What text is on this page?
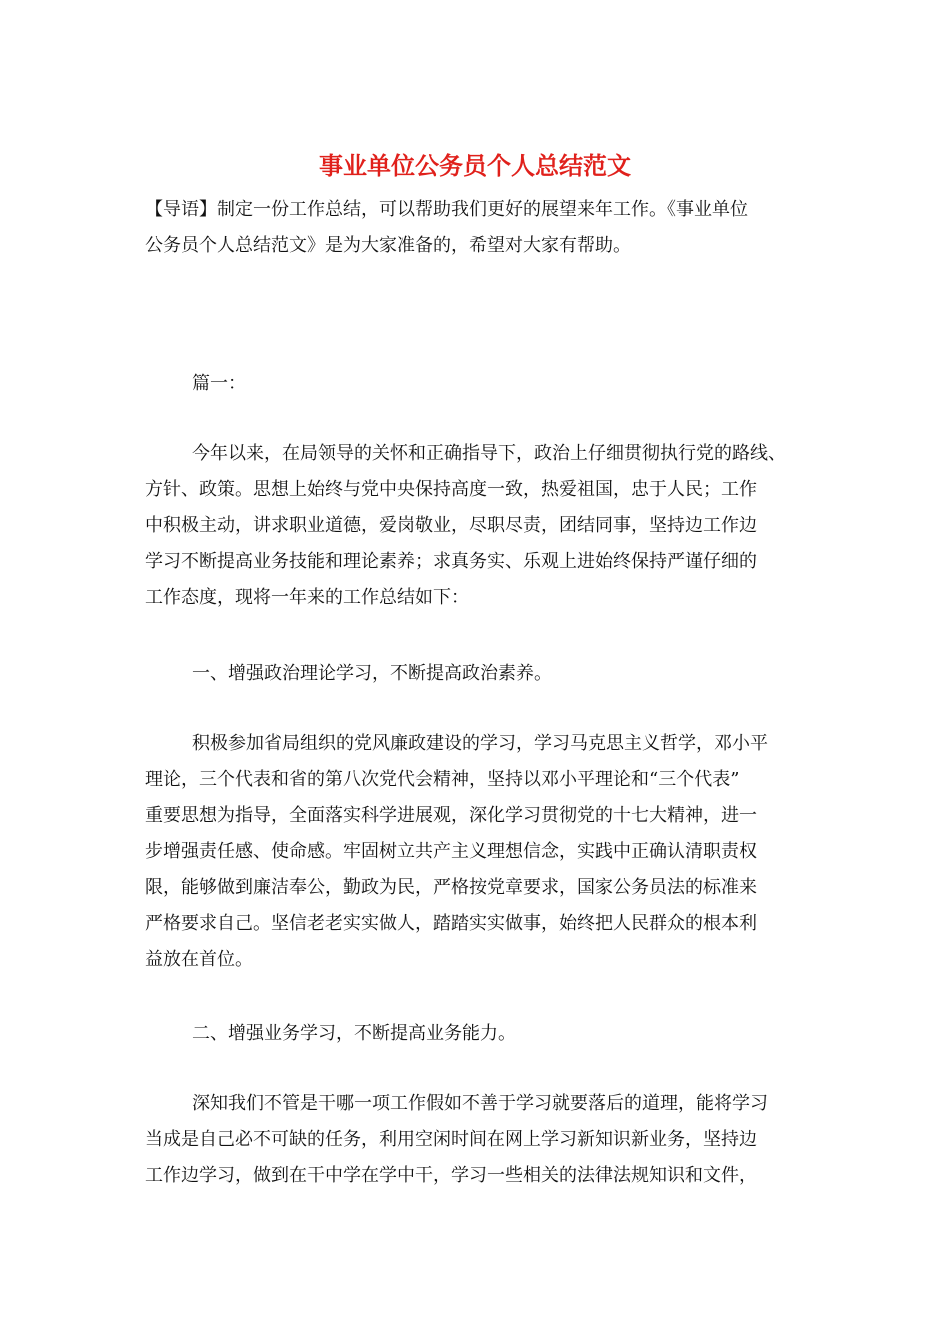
事业单位公务员个人总结范文
【导语】制定一份工作总结，可以帮助我们更好的展望来年工作。《事业单位
公务员个人总结范文》是为大家准备的，希望对大家有帮助。
篇一：
今年以来，在局领导的关怀和正确指导下，政治上仔细贯彻执行党的路线、
方针、政策。思想上始终与党中央保持高度一致，热爱祖国，忠于人民；工作
中积极主动，讲求职业道德，爱岗敬业，尽职尽责，团结同事，坚持边工作边
学习不断提高业务技能和理论素养；求真务实、乐观上进始终保持严谨仔细的
工作态度，现将一年来的工作总结如下：
一、增强政治理论学习，不断提高政治素养。
积极参加省局组织的党风廉政建设的学习，学习马克思主义哲学，邓小平
理论，三个代表和省的第八次党代会精神，坚持以邓小平理论和“三个代表”
重要思想为指导，全面落实科学进展观，深化学习贯彻党的十七大精神，进一
步增强责任感、使命感。牢固树立共产主义理想信念，实践中正确认清职责权
限，能够做到廉洁奉公，勤政为民，严格按党章要求，国家公务员法的标准来
严格要求自己。坚信老老实实做人，踏踏实实做事，始终把人民群众的根本利
益放在首位。
二、增强业务学习，不断提高业务能力。
深知我们不管是干哪一项工作假如不善于学习就要落后的道理，能将学习
当成是自己必不可缺的任务，利用空闲时间在网上学习新知识新业务，坚持边
工作边学习，做到在干中学在学中干，学习一些相关的法律法规知识和文件，
